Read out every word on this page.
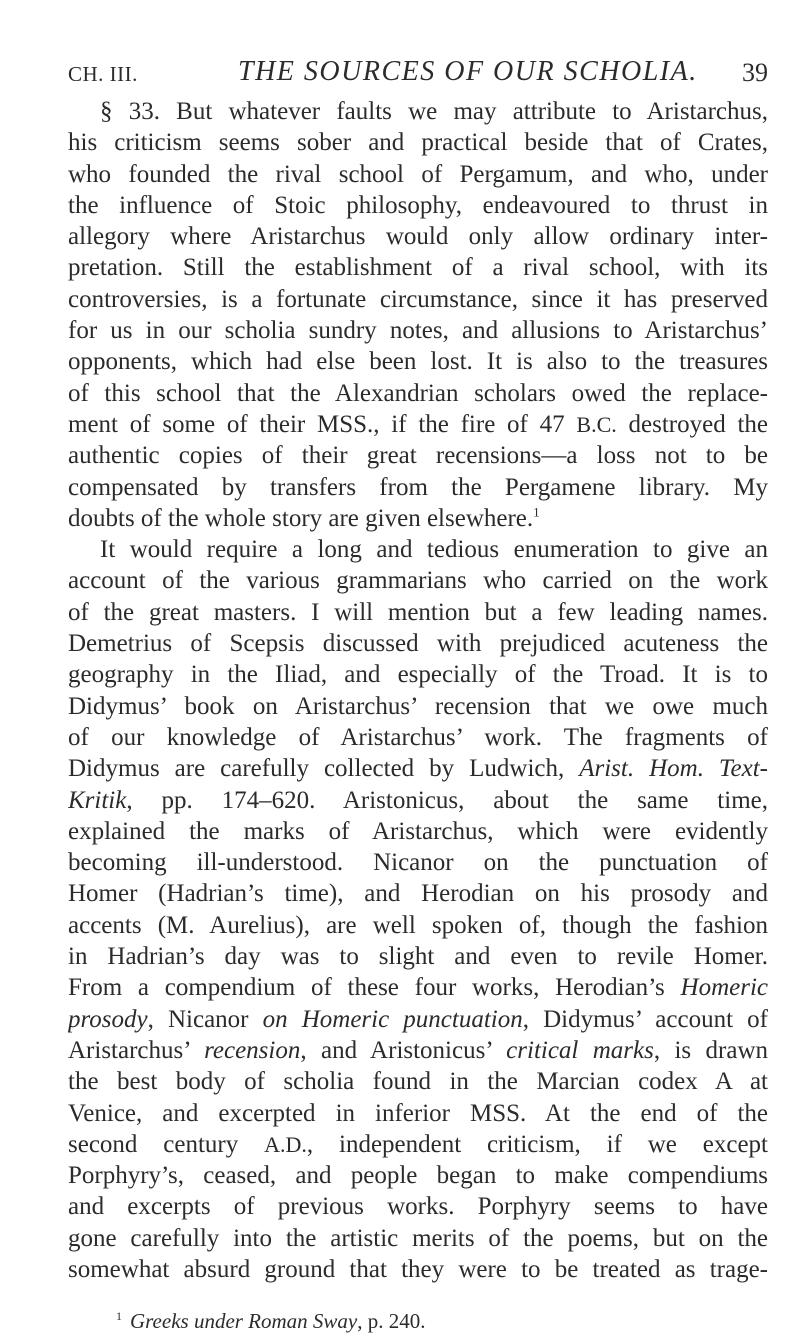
CH. III.	THE SOURCES OF OUR SCHOLIA. 39
§ 33. But whatever faults we may attribute to Aristarchus,
his criticism seems sober and practical beside that of Crates,
who founded the rival school of Pergamum, and who, under
the influence of Stoic philosophy, endeavoured to thrust in
allegory where Aristarchus would only allow ordinary inter-
pretation. Still the establishment of a rival school, with its
controversies, is a fortunate circumstance, since it has preserved
for us in our scholia sundry notes, and allusions to Aristarchus’
opponents, which had else been lost. It is also to the treasures
of this school that the Alexandrian scholars owed the replace-
ment of some of their MSS., if the fire of 47 B.C. destroyed the
authentic copies of their great recensions—a loss not to be
compensated by transfers from the Pergamene library. My
doubts of the whole story are given elsewhere.$^1$
It would require a long and tedious enumeration to give an
account of the various grammarians who carried on the work
of the great masters. I will mention but a few leading names.
Demetrius of Scepsis discussed with prejudiced acuteness the
geography in the Iliad, and especially of the Troad. It is to
Didymus’ book on Aristarchus’ recension that we owe much
of our knowledge of Aristarchus’ work. The fragments of
Didymus are carefully collected by Ludwich, Arist. Hom. Text-
Kritik, pp. 174–620. Aristonicus, about the same time,
explained the marks of Aristarchus, which were evidently
becoming ill-understood. Nicanor on the punctuation of
Homer (Hadrian’s time), and Herodian on his prosody and
accents (M. Aurelius), are well spoken of, though the fashion
in Hadrian’s day was to slight and even to revile Homer.
From a compendium of these four works, Herodian’s Homeric
prosody, Nicanor on Homeric punctuation, Didymus’ account of
Aristarchus’ recension, and Aristonicus’ critical marks, is drawn
the best body of scholia found in the Marcian codex A at
Venice, and excerpted in inferior MSS. At the end of the
second century A.D., independent criticism, if we except
Porphyry’s, ceased, and people began to make compendiums
and excerpts of previous works. Porphyry seems to have
gone carefully into the artistic merits of the poems, but on the
somewhat absurd ground that they were to be treated as trage-
$^1$ Greeks under Roman Sway, p. 240.
